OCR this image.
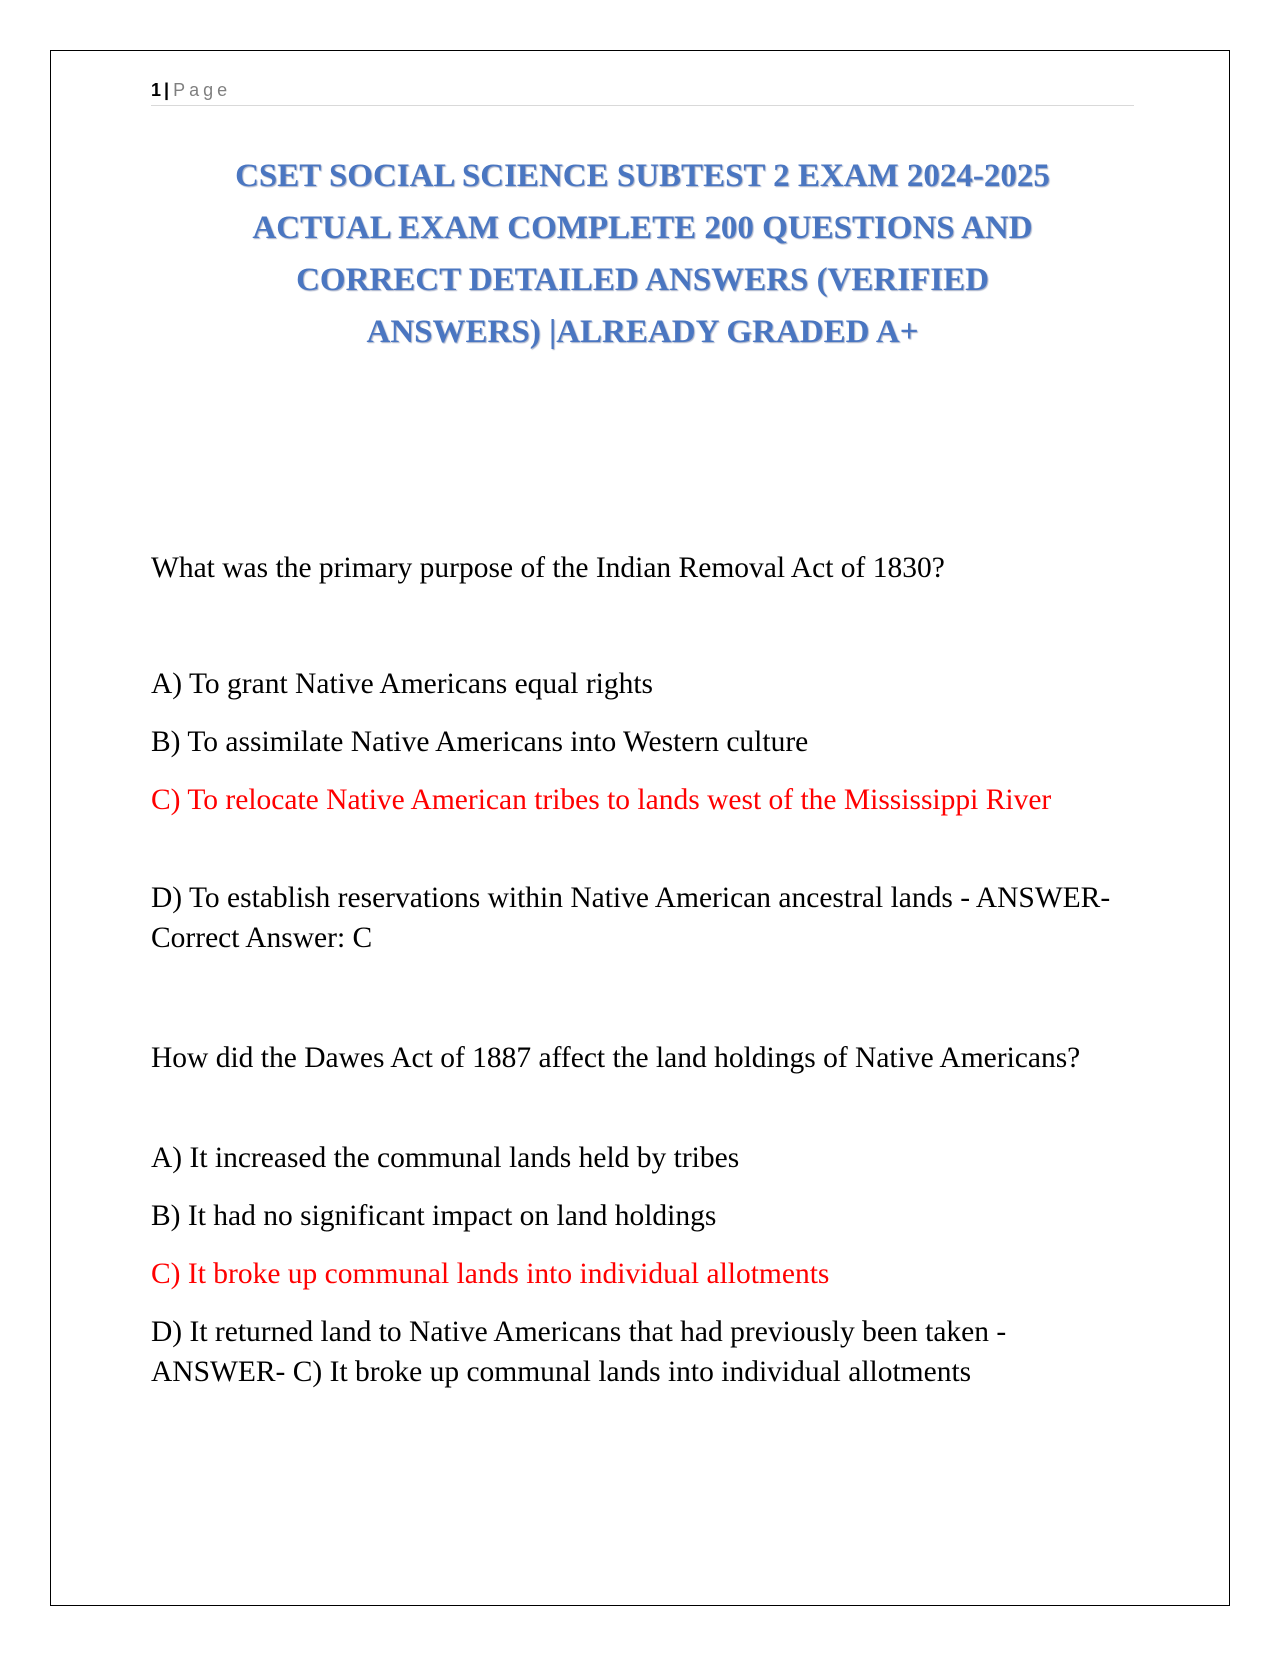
1 | Page
CSET SOCIAL SCIENCE SUBTEST 2 EXAM 2024-2025
ACTUAL EXAM COMPLETE 200 QUESTIONS AND
CORRECT DETAILED ANSWERS (VERIFIED
ANSWERS) |ALREADY GRADED A+

What was the primary purpose of the Indian Removal Act of 1830?

A) To grant Native Americans equal rights

B) To assimilate Native Americans into Western culture

C) To relocate Native American tribes to lands west of the Mississippi River

D) To establish reservations within Native American ancestral lands - ANSWER- Correct Answer: C

How did the Dawes Act of 1887 affect the land holdings of Native Americans?

A) It increased the communal lands held by tribes

B) It had no significant impact on land holdings

C) It broke up communal lands into individual allotments

D) It returned land to Native Americans that had previously been taken - ANSWER- C) It broke up communal lands into individual allotments
